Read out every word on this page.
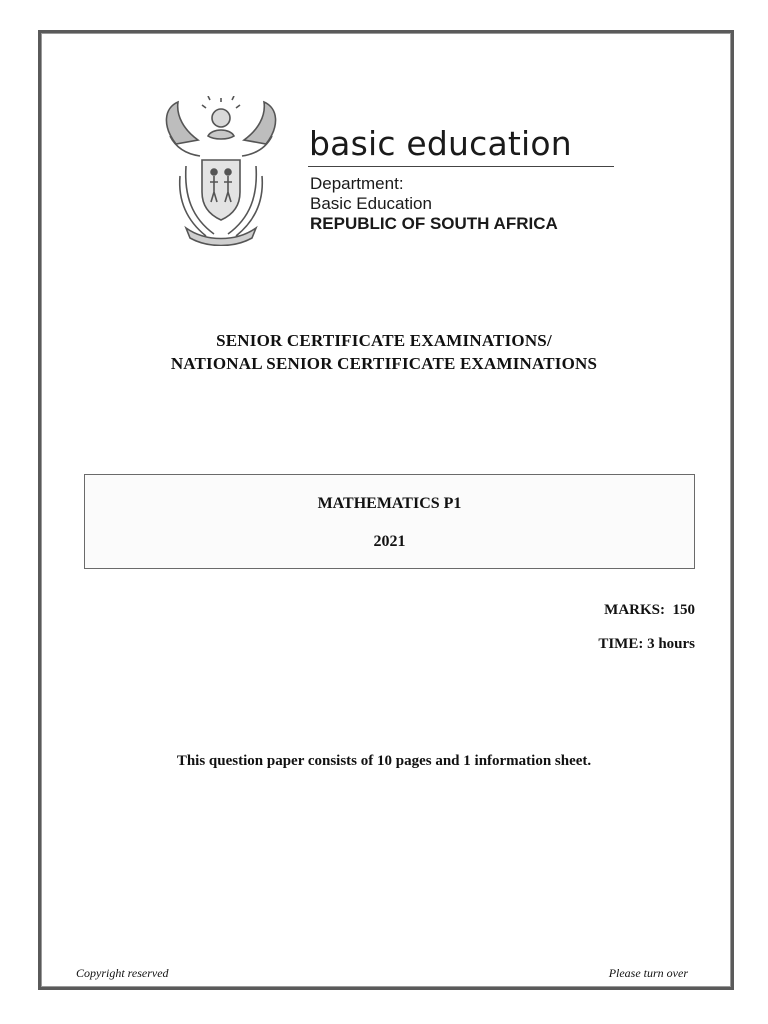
basic education
Department:
Basic Education
REPUBLIC OF SOUTH AFRICA
SENIOR CERTIFICATE EXAMINATIONS/
NATIONAL SENIOR CERTIFICATE EXAMINATIONS
MATHEMATICS P1
2021
MARKS:  150
TIME: 3 hours
This question paper consists of 10 pages and 1 information sheet.
Copyright reserved	Please turn over
